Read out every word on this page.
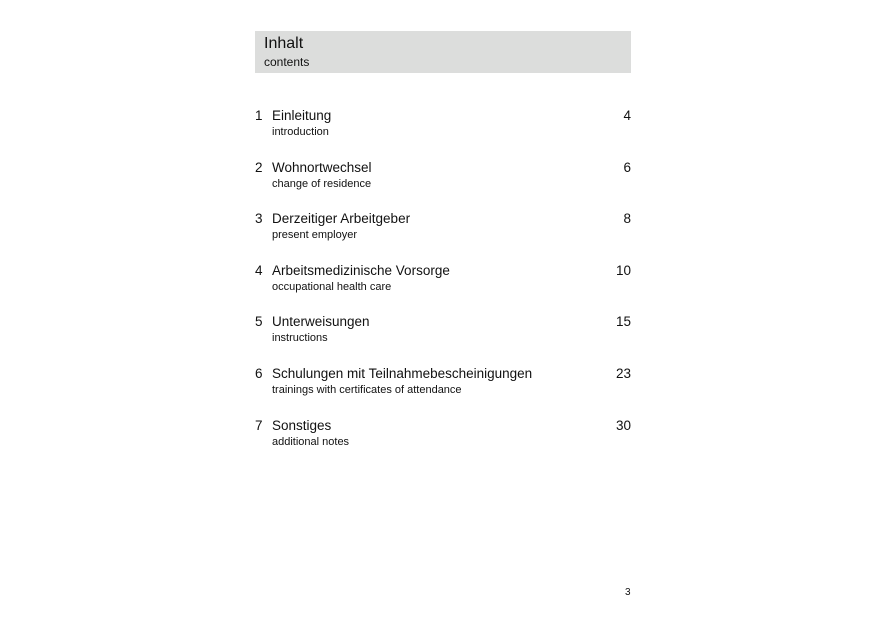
Inhalt
contents
1 Einleitung
introduction
4
2 Wohnortwechsel
change of residence
6
3 Derzeitiger Arbeitgeber
present employer
8
4 Arbeitsmedizinische Vorsorge
occupational health care
10
5 Unterweisungen
instructions
15
6 Schulungen mit Teilnahmebescheinigungen
trainings with certificates of attendance
23
7 Sonstiges
additional notes
30
3
